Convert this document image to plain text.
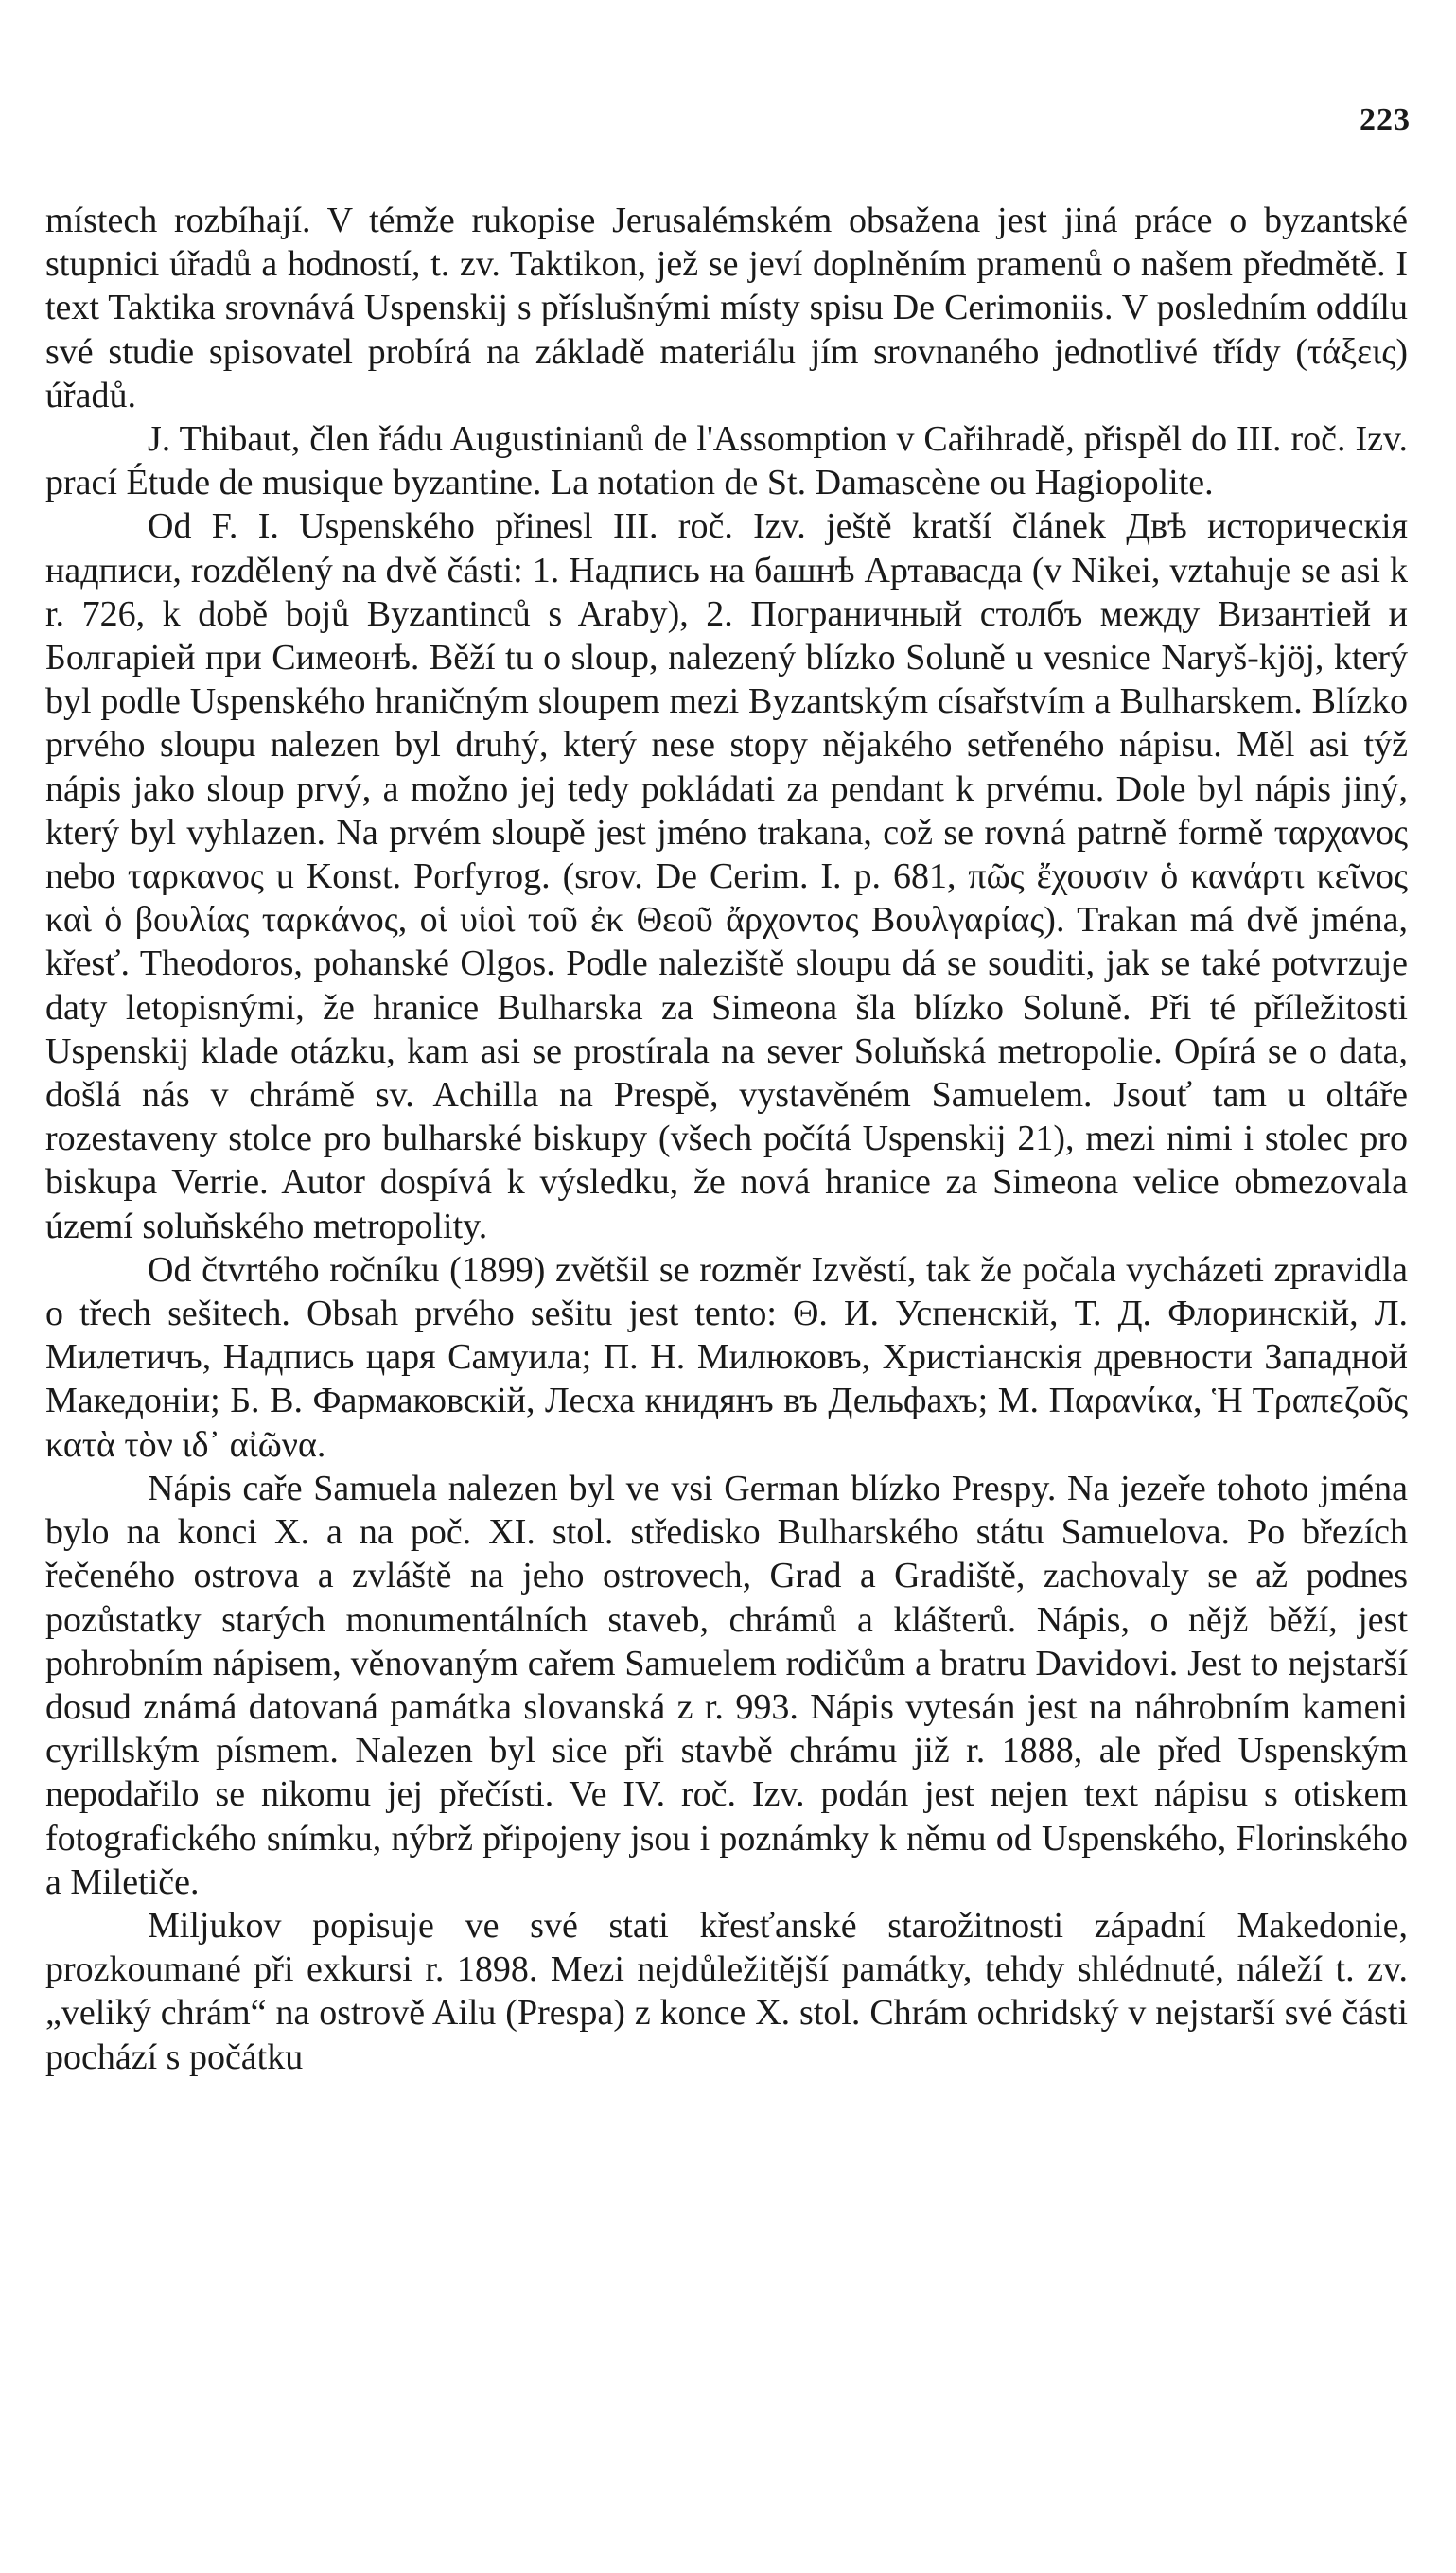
223

místech rozbíhají. V témže rukopise Jerusalémském obsažena jest jiná práce o byzantské stupnici úřadů a hodností, t. zv. Taktikon, jež se jeví doplněním pramenů o našem předmětě. I text Taktika srovnává Uspenskij s příslušnými místy spisu De Cerimoniis. V posledním oddílu své studie spisovatel probírá na základě materiálu jím srovnaného jednotlivé třídy (τάξεις) úřadů.

J. Thibaut, člen řádu Augustinianů de l'Assomption v Cařihradě, přispěl do III. roč. Izv. prací Étude de musique byzantine. La notation de St. Damascène ou Hagiopolite.

Od F. I. Uspenského přinesl III. roč. Izv. ještě kratší článek Двѣ историческія надписи, rozdělený na dvě části: 1. Надпись на башнѣ Артавасда (v Nikei, vztahuje se asi k r. 726, k době bojů Byzantinců s Araby), 2. Пограничный столбъ между Византiей и Болгарiей при Симеонѣ. Běží tu o sloup, nalezený blízko Soluně u vesnice Naryš-kjöj, který byl podle Uspenského hraničným sloupem mezi Byzantským císařstvím a Bulharskem. Blízko prvého sloupu nalezen byl druhý, který nese stopy nějakého setřeného nápisu. Měl asi týž nápis jako sloup prvý, a možno jej tedy pokládati za pendant k prvému. Dole byl nápis jiný, který byl vyhlazen. Na prvém sloupě jest jméno trakana, což se rovná patrně formě ταρχανος nebo ταρκανος u Konst. Porfyrog. (srov. De Cerim. I. p. 681, πῶς ἔχουσιν ὁ κανάρτι κεῖνος καὶ ὁ βουλίας ταρκάνος, οἱ υἱοὶ τοῦ ἐκ Θεοῦ ἄρχοντος Βουλγαρίας). Trakan má dvě jména, křesť. Theodoros, pohanské Olgos. Podle naleziště sloupu dá se souditi, jak se také potvrzuje daty letopisnými, že hranice Bulharska za Simeona šla blízko Soluně. Při té příležitosti Uspenskij klade otázku, kam asi se prostírala na sever Soluňská metropolie. Opírá se o data, došlá nás v chrámě sv. Achilla na Prespě, vystavěném Samuelem. Jsouť tam u oltáře rozestaveny stolce pro bulharské biskupy (všech počítá Uspenskij 21), mezi nimi i stolec pro biskupa Verrie. Autor dospívá k výsledku, že nová hranice za Simeona velice obmezovala území soluňského metropolity.

Od čtvrtého ročníku (1899) zvětšil se rozměr Izvěstí, tak že počala vycházeti zpravidla o třech sešitech. Obsah prvého sešitu jest tento: Θ. И. Успенскiй, Т. Д. Флоринскiй, Л. Милетичъ, Надпись царя Самуила; П. Н. Милюковъ, Христiанскiя древности Западной Македонiи; Б. В. Фармаковскiй, Лесха книдянъ въ Дельфахъ; M. Παρανίκα, Ἡ Τραπεζοῦς κατὰ τὸν ιδ᾽ αἰῶνα.

Nápis caře Samuela nalezen byl ve vsi German blízko Prespy. Na jezeře tohoto jména bylo na konci X. a na poč. XI. stol. středisko Bulharského státu Samuelova. Po březích řečeného ostrova a zvláště na jeho ostrovech, Grad a Gradiště, zachovaly se až podnes pozůstatky starých monumentálních staveb, chrámů a klášterů. Nápis, o nějž běží, jest pohrobním nápisem, věnovaným cařem Samuelem rodičům a bratru Davidovi. Jest to nejstarší dosud známá datovaná památka slovanská z r. 993. Nápis vytesán jest na náhrobním kameni cyrillským písmem. Nalezen byl sice při stavbě chrámu již r. 1888, ale před Uspenským nepodařilo se nikomu jej přečísti. Ve IV. roč. Izv. podán jest nejen text nápisu s otiskem fotografického snímku, nýbrž připojeny jsou i poznámky k němu od Uspenského, Florinského a Miletiče.

Miljukov popisuje ve své stati křesťanské starožitnosti západní Makedonie, prozkoumané při exkursi r. 1898. Mezi nejdůležitější památky, tehdy shlédnuté, náleží t. zv. „veliký chrám“ na ostrově Ailu (Prespa) z konce X. stol. Chrám ochridský v nejstarší své části pochází s počátku
